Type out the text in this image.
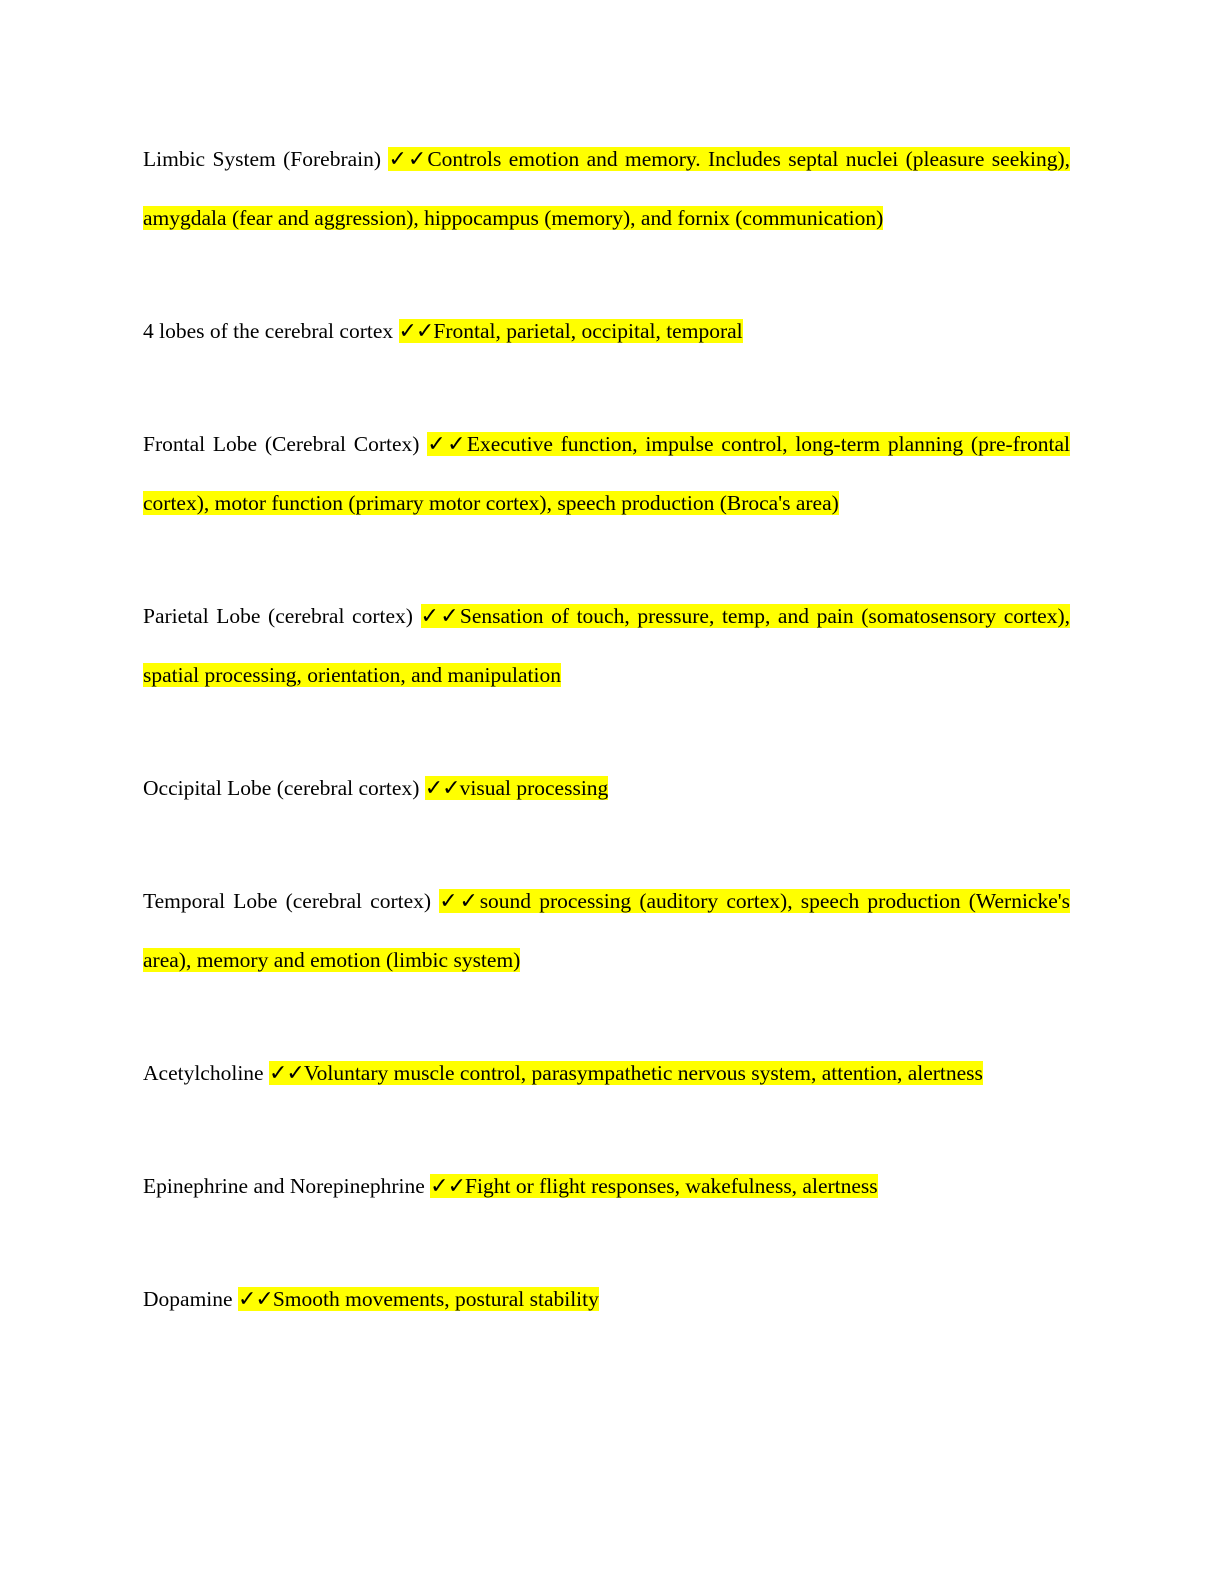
Limbic System (Forebrain) ✓✓Controls emotion and memory. Includes septal nuclei (pleasure seeking), amygdala (fear and aggression), hippocampus (memory), and fornix (communication)

4 lobes of the cerebral cortex ✓✓Frontal, parietal, occipital, temporal

Frontal Lobe (Cerebral Cortex) ✓✓Executive function, impulse control, long-term planning (pre-frontal cortex), motor function (primary motor cortex), speech production (Broca's area)

Parietal Lobe (cerebral cortex) ✓✓Sensation of touch, pressure, temp, and pain (somatosensory cortex), spatial processing, orientation, and manipulation

Occipital Lobe (cerebral cortex) ✓✓visual processing

Temporal Lobe (cerebral cortex) ✓✓sound processing (auditory cortex), speech production (Wernicke's area), memory and emotion (limbic system)

Acetylcholine ✓✓Voluntary muscle control, parasympathetic nervous system, attention, alertness

Epinephrine and Norepinephrine ✓✓Fight or flight responses, wakefulness, alertness

Dopamine ✓✓Smooth movements, postural stability
